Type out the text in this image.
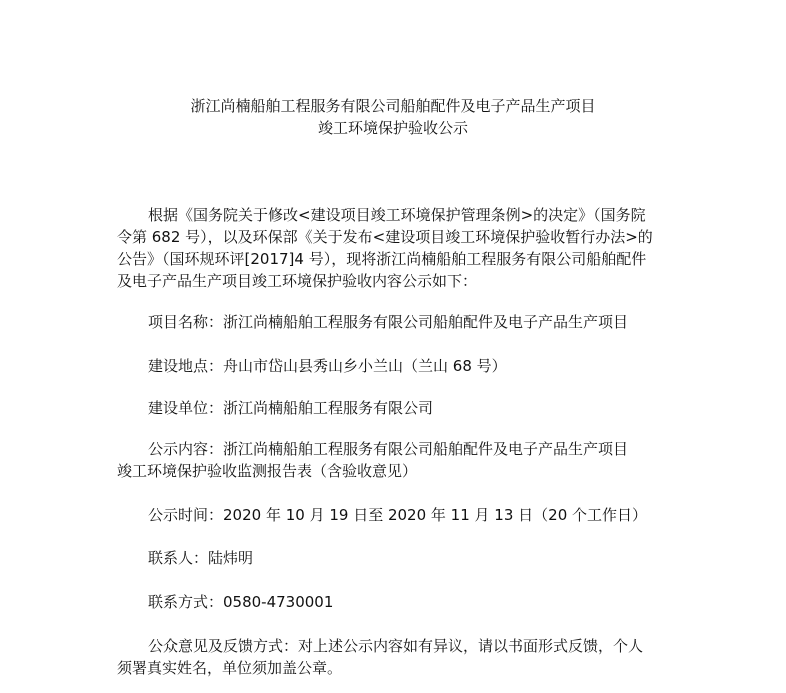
浙江尚楠船舶工程服务有限公司船舶配件及电子产品生产项目
竣工环境保护验收公示
根据《国务院关于修改<建设项目竣工环境保护管理条例>的决定》（国务院
令第 682 号），以及环保部《关于发布<建设项目竣工环境保护验收暂行办法>的
公告》（国环规环评[2017]4 号），现将浙江尚楠船舶工程服务有限公司船舶配件
及电子产品生产项目竣工环境保护验收内容公示如下：
项目名称：浙江尚楠船舶工程服务有限公司船舶配件及电子产品生产项目
建设地点：舟山市岱山县秀山乡小兰山（兰山 68 号）
建设单位：浙江尚楠船舶工程服务有限公司
公示内容：浙江尚楠船舶工程服务有限公司船舶配件及电子产品生产项目
竣工环境保护验收监测报告表（含验收意见）
公示时间：2020 年 10 月 19 日至 2020 年 11 月 13 日（20 个工作日）
联系人：陆炜明
联系方式：0580-4730001
公众意见及反馈方式：对上述公示内容如有异议，请以书面形式反馈，个人
须署真实姓名，单位须加盖公章。
